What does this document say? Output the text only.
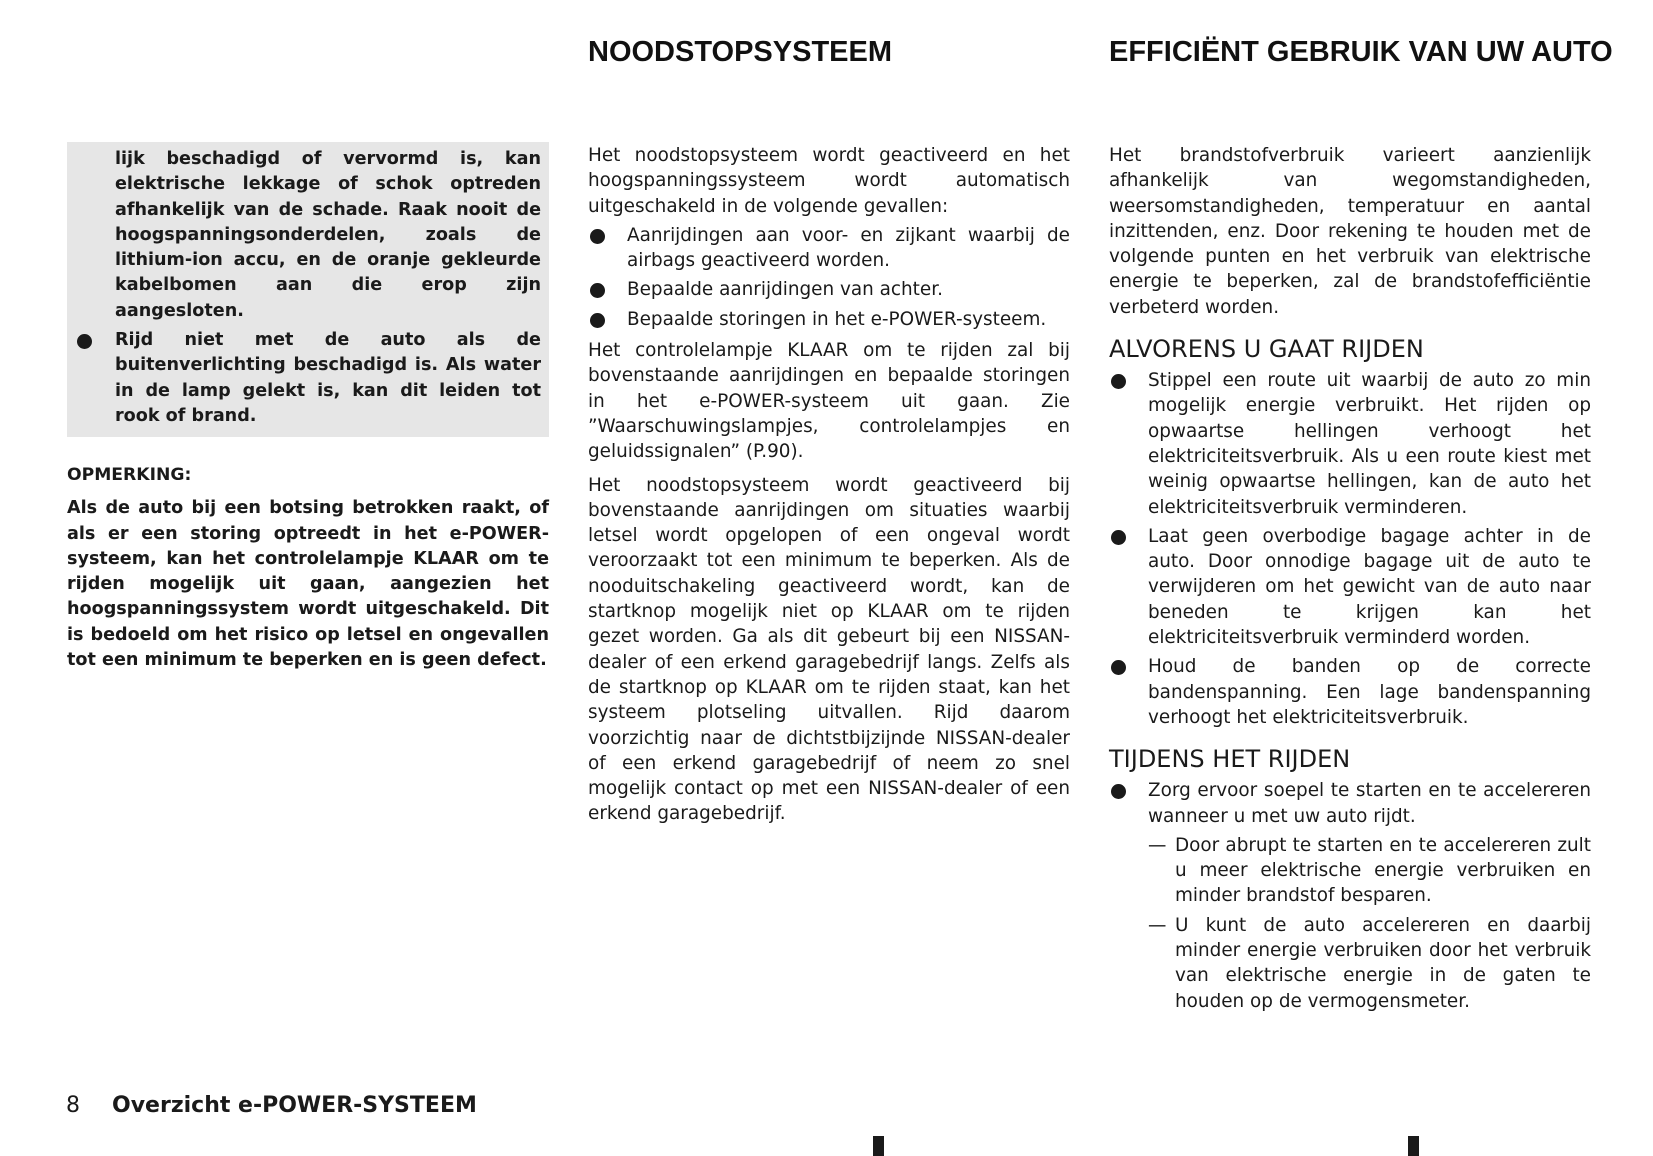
NOODSTOPSYSTEEM	EFFICIËNT GEBRUIK VAN UW AUTO

lijk beschadigd of vervormd is, kan elektrische lekkage of schok optreden afhankelijk van de schade. Raak nooit de hoogspanningsonderdelen, zoals de lithium-ion accu, en de oranje gekleurde kabelbomen aan die erop zijn aangesloten.

Rijd niet met de auto als de buitenverlichting beschadigd is. Als water in de lamp gelekt is, kan dit leiden tot rook of brand.
OPMERKING:
Als de auto bij een botsing betrokken raakt, of als er een storing optreedt in het e-POWER-systeem, kan het controlelampje KLAAR om te rijden mogelijk uit gaan, aangezien het hoogspanningssystem wordt uitgeschakeld. Dit is bedoeld om het risico op letsel en ongevallen tot een minimum te beperken en is geen defect.

Het noodstopsysteem wordt geactiveerd en het hoogspanningssysteem wordt automatisch uitgeschakeld in de volgende gevallen:

Aanrijdingen aan voor- en zijkant waarbij de airbags geactiveerd worden.
Bepaalde aanrijdingen van achter.
Bepaalde storingen in het e-POWER-systeem.

Het controlelampje KLAAR om te rijden zal bij bovenstaande aanrijdingen en bepaalde storingen in het e-POWER-systeem uit gaan. Zie ”Waarschuwingslampjes, controlelampjes en geluidssignalen” (P.90).

Het noodstopsysteem wordt geactiveerd bij bovenstaande aanrijdingen om situaties waarbij letsel wordt opgelopen of een ongeval wordt veroorzaakt tot een minimum te beperken. Als de nooduitschakeling geactiveerd wordt, kan de startknop mogelijk niet op KLAAR om te rijden gezet worden. Ga als dit gebeurt bij een NISSAN-dealer of een erkend garagebedrijf langs. Zelfs als de startknop op KLAAR om te rijden staat, kan het systeem plotseling uitvallen. Rijd daarom voorzichtig naar de dichtstbijzijnde NISSAN-dealer of een erkend garagebedrijf of neem zo snel mogelijk contact op met een NISSAN-dealer of een erkend garagebedrijf.

Het brandstofverbruik varieert aanzienlijk afhankelijk van wegomstandigheden, weersomstandigheden, temperatuur en aantal inzittenden, enz. Door rekening te houden met de volgende punten en het verbruik van elektrische energie te beperken, zal de brandstofefficiëntie verbeterd worden.

ALVORENS U GAAT RIJDEN
Stippel een route uit waarbij de auto zo min mogelijk energie verbruikt. Het rijden op opwaartse hellingen verhoogt het elektriciteitsverbruik. Als u een route kiest met weinig opwaartse hellingen, kan de auto het elektriciteitsverbruik verminderen.
Laat geen overbodige bagage achter in de auto. Door onnodige bagage uit de auto te verwijderen om het gewicht van de auto naar beneden te krijgen kan het elektriciteitsverbruik verminderd worden.
Houd de banden op de correcte bandenspanning. Een lage bandenspanning verhoogt het elektriciteitsverbruik.
TIJDENS HET RIJDEN
Zorg ervoor soepel te starten en te accelereren wanneer u met uw auto rijdt.
— Door abrupt te starten en te accelereren zult u meer elektrische energie verbruiken en minder brandstof besparen.
— U kunt de auto accelereren en daarbij minder energie verbruiken door het verbruik van elektrische energie in de gaten te houden op de vermogensmeter.
8 Overzicht e-POWER-SYSTEEM
